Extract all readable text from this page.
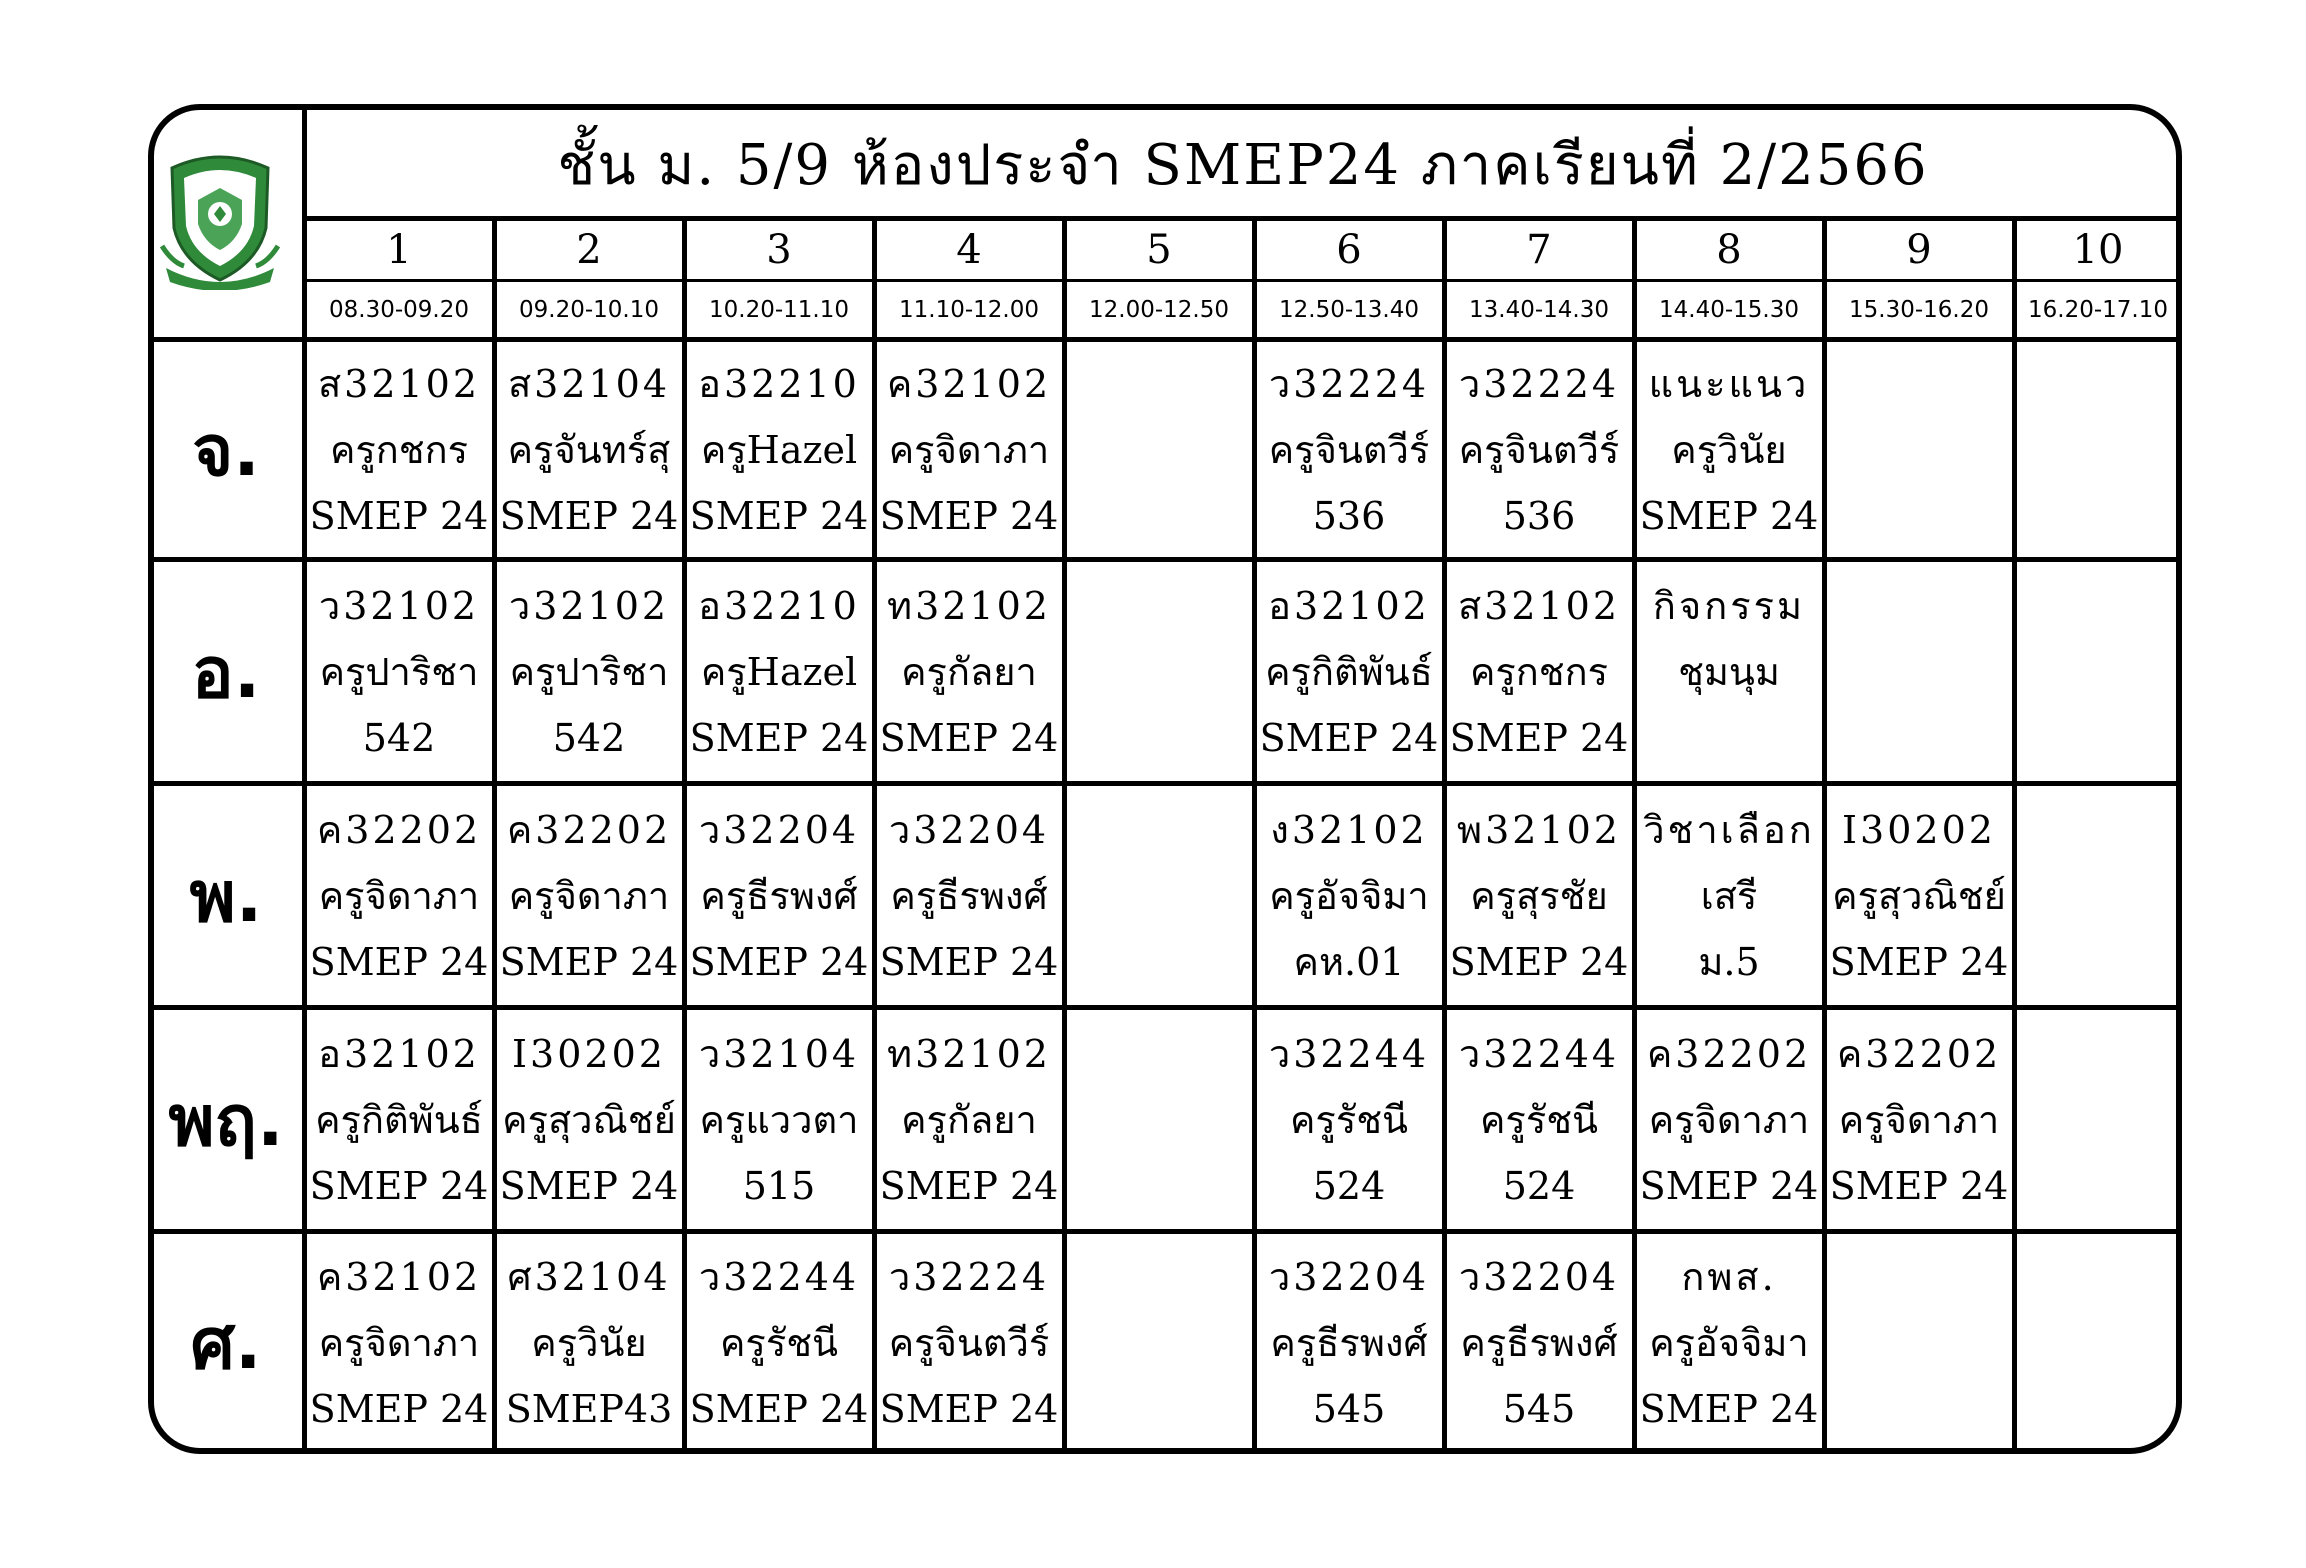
ชั้น ม. 5/9 ห้องประจำ SMEP24 ภาคเรียนที่ 2/2566
1
08.30-09.20
2
09.20-10.10
3
10.20-11.10
4
11.10-12.00
5
12.00-12.50
6
12.50-13.40
7
13.40-14.30
8
14.40-15.30
9
15.30-16.20
10
16.20-17.10
จ.
ส32102
ครูกชกร
SMEP 24
ส32104
ครูจันทร์สุ
SMEP 24
อ32210
ครูHazel
SMEP 24
ค32102
ครูจิดาภา
SMEP 24

ว32224
ครูจินตวีร์
536
ว32224
ครูจินตวีร์
536
แนะแนว
ครูวินัย
SMEP 24

อ.
ว32102
ครูปาริชา
542
ว32102
ครูปาริชา
542
อ32210
ครูHazel
SMEP 24
ท32102
ครูกัลยา
SMEP 24

อ32102
ครูกิติพันธ์
SMEP 24
ส32102
ครูกชกร
SMEP 24
กิจกรรม
ชุมนุม

พ.
ค32202
ครูจิดาภา
SMEP 24
ค32202
ครูจิดาภา
SMEP 24
ว32204
ครูธีรพงศ์
SMEP 24
ว32204
ครูธีรพงศ์
SMEP 24

ง32102
ครูอัจจิมา
คห.01
พ32102
ครูสุรชัย
SMEP 24
วิชาเลือก
เสรี
ม.5
I30202
ครูสุวณิชย์
SMEP 24

พฤ.
อ32102
ครูกิติพันธ์
SMEP 24
I30202
ครูสุวณิชย์
SMEP 24
ว32104
ครูแววตา
515
ท32102
ครูกัลยา
SMEP 24

ว32244
ครูรัชนี
524
ว32244
ครูรัชนี
524
ค32202
ครูจิดาภา
SMEP 24
ค32202
ครูจิดาภา
SMEP 24

ศ.
ค32102
ครูจิดาภา
SMEP 24
ศ32104
ครูวินัย
SMEP43
ว32244
ครูรัชนี
SMEP 24
ว32224
ครูจินตวีร์
SMEP 24

ว32204
ครูธีรพงศ์
545
ว32204
ครูธีรพงศ์
545
กพส.
ครูอัจจิมา
SMEP 24
